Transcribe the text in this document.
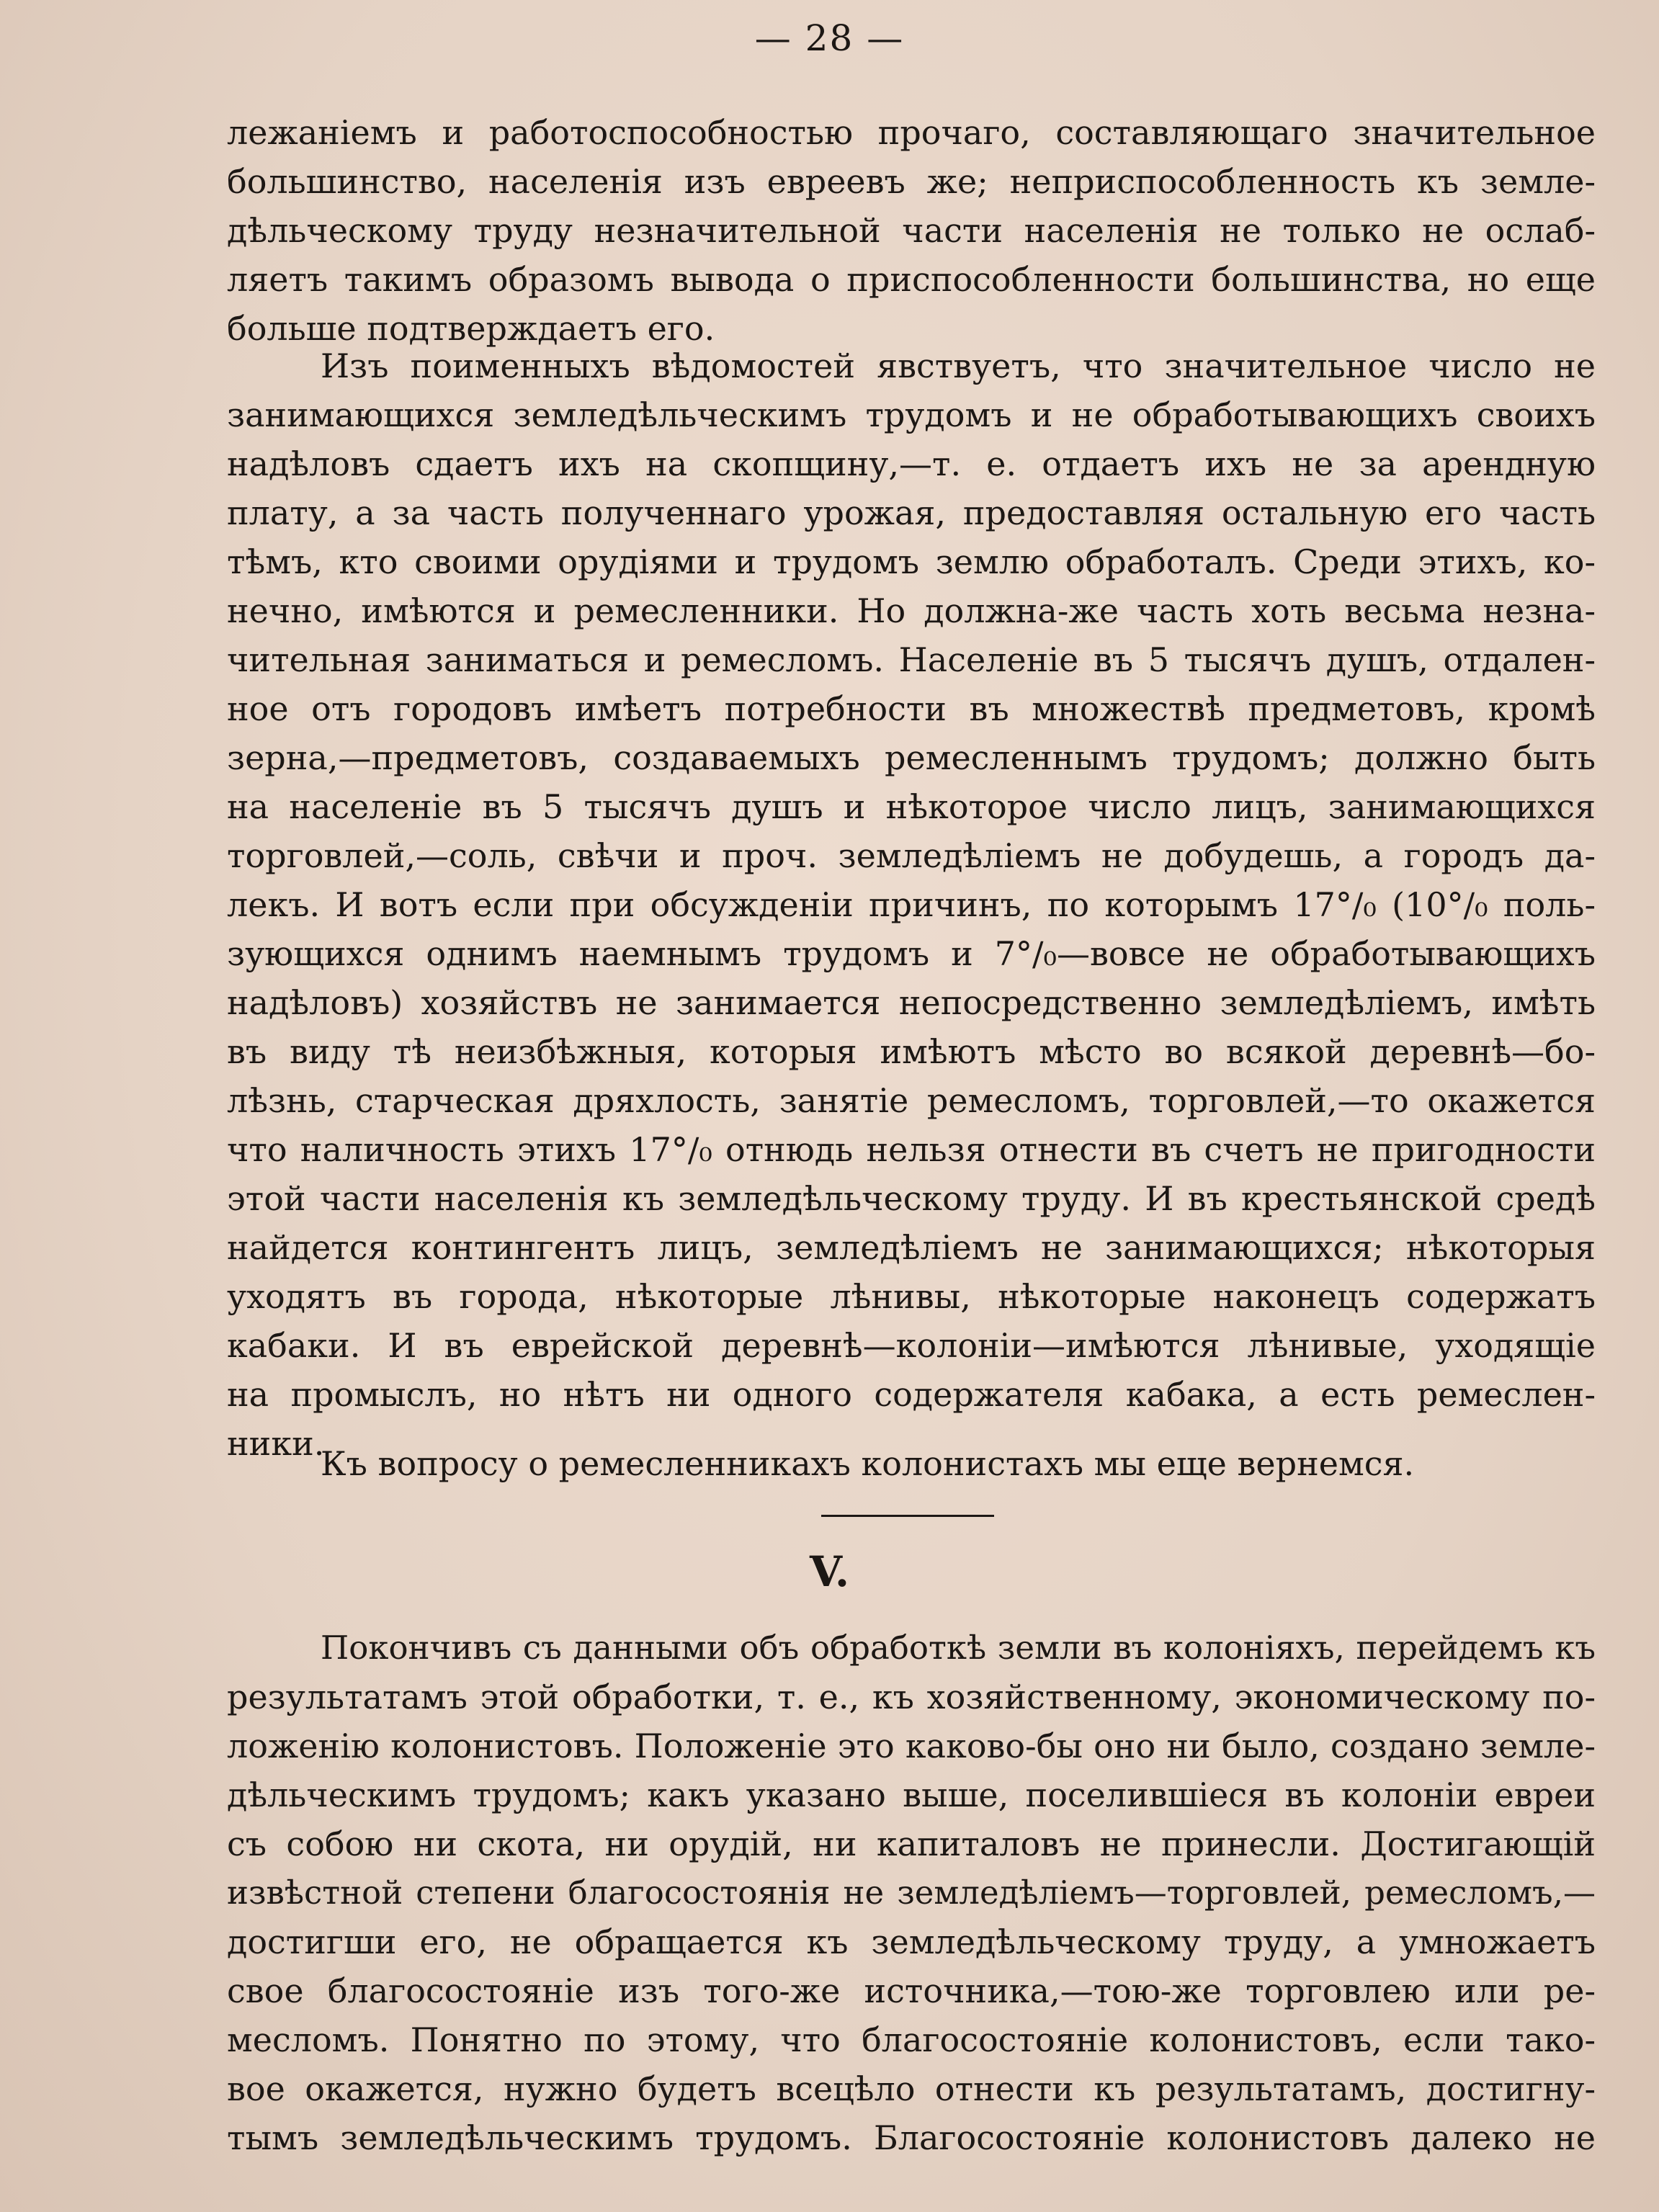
— 28 —
лежаніемъ и работоспособностью прочаго, составляющаго значительное
большинство, населенія изъ евреевъ же; неприспособленность къ земле-
дѣльческому труду незначительной части населенія не только не ослаб-
ляетъ такимъ образомъ вывода о приспособленности большинства, но еще
больше подтверждаетъ его.
Изъ поименныхъ вѣдомостей явствуетъ, что значительное число не
занимающихся земледѣльческимъ трудомъ и не обработывающихъ своихъ
надѣловъ сдаетъ ихъ на скопщину,—т. е. отдаетъ ихъ не за арендную
плату, а за часть полученнаго урожая, предоставляя остальную его часть
тѣмъ, кто своими орудіями и трудомъ землю обработалъ. Среди этихъ, ко-
нечно, имѣются и ремесленники. Но должна-же часть хоть весьма незна-
чительная заниматься и ремесломъ. Населеніе въ 5 тысячъ душъ, отдален-
ное отъ городовъ имѣетъ потребности въ множествѣ предметовъ, кромѣ
зерна,—предметовъ, создаваемыхъ ремесленнымъ трудомъ; должно быть
на населеніе въ 5 тысячъ душъ и нѣкоторое число лицъ, занимающихся
торговлей,—соль, свѣчи и проч. земледѣліемъ не добудешь, а городъ да-
лекъ. И вотъ если при обсужденіи причинъ, по которымъ 17°/₀ (10°/₀ поль-
зующихся однимъ наемнымъ трудомъ и 7°/₀—вовсе не обработывающихъ
надѣловъ) хозяйствъ не занимается непосредственно земледѣліемъ, имѣть
въ виду тѣ неизбѣжныя, которыя имѣютъ мѣсто во всякой деревнѣ—бо-
лѣзнь, старческая дряхлость, занятіе ремесломъ, торговлей,—то окажется
что наличность этихъ 17°/₀ отнюдь нельзя отнести въ счетъ не пригодности
этой части населенія къ земледѣльческому труду. И въ крестьянской средѣ
найдется контингентъ лицъ, земледѣліемъ не занимающихся; нѣкоторыя
уходятъ въ города, нѣкоторые лѣнивы, нѣкоторые наконецъ содержатъ
кабаки. И въ еврейской деревнѣ—колоніи—имѣются лѣнивые, уходящіе
на промыслъ, но нѣтъ ни одного содержателя кабака, а есть ремеслен-
ники.
Къ вопросу о ремесленникахъ колонистахъ мы еще вернемся.
V.
Покончивъ съ данными объ обработкѣ земли въ колоніяхъ, перейдемъ къ
результатамъ этой обработки, т. е., къ хозяйственному, экономическому по-
ложенію колонистовъ. Положеніе это каково-бы оно ни было, создано земле-
дѣльческимъ трудомъ; какъ указано выше, поселившіеся въ колоніи евреи
съ собою ни скота, ни орудій, ни капиталовъ не принесли. Достигающій
извѣстной степени благосостоянія не земледѣліемъ—торговлей, ремесломъ,—
достигши его, не обращается къ земледѣльческому труду, а умножаетъ
свое благосостояніе изъ того-же источника,—тою-же торговлею или ре-
месломъ. Понятно по этому, что благосостояніе колонистовъ, если тако-
вое окажется, нужно будетъ всецѣло отнести къ результатамъ, достигну-
тымъ земледѣльческимъ трудомъ. Благосостояніе колонистовъ далеко не
